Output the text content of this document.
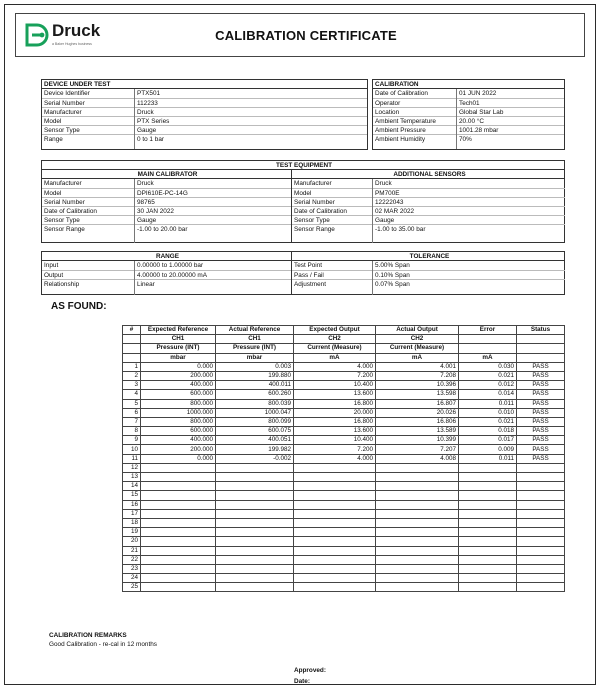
Druck
a Baker Hughes business
CALIBRATION CERTIFICATE
DEVICE UNDER TEST
Device Identifier	PTX501
Serial Number	112233
Manufacturer	Druck
Model	PTX Series
Sensor Type	Gauge
Range	0 to 1 bar
CALIBRATION
Date of Calibration	01 JUN 2022
Operator	Tech01
Location	Global Star Lab
Ambient Temperature	20.00 °C
Ambient Pressure	1001.28 mbar
Ambient Humidity	70%
TEST EQUIPMENT
MAIN CALIBRATOR
Manufacturer	Druck
Model	DPI610E-PC-14G
Serial Number	98765
Date of Calibration	30 JAN 2022
Sensor Type	Gauge
Sensor Range	-1.00 to 20.00 bar
ADDITIONAL SENSORS
Manufacturer	Druck
Model	PM700E
Serial Number	12222043
Date of Calibration	02 MAR 2022
Sensor Type	Gauge
Sensor Range	-1.00 to 35.00 bar
RANGE
Input	0.00000 to 1.00000 bar
Output	4.00000 to 20.00000 mA
Relationship	Linear
TOLERANCE
Test Point	5.00% Span
Pass / Fail	0.10% Span
Adjustment	0.07% Span
AS FOUND:
#	Expected Reference	Actual Reference	Expected Output	Actual Output	Error	Status
	CH1	CH1	CH2	CH2		
	Pressure (INT)	Pressure (INT)	Current (Measure)	Current (Measure)		
	mbar	mbar	mA	mA	mA	
1	0.000	0.003	4.000	4.001	0.030	PASS
2	200.000	199.880	7.200	7.208	0.021	PASS
3	400.000	400.011	10.400	10.396	0.012	PASS
4	600.000	600.260	13.600	13.598	0.014	PASS
5	800.000	800.039	16.800	16.807	0.011	PASS
6	1000.000	1000.047	20.000	20.026	0.010	PASS
7	800.000	800.099	16.800	16.806	0.021	PASS
8	600.000	600.075	13.600	13.589	0.018	PASS
9	400.000	400.051	10.400	10.399	0.017	PASS
10	200.000	199.982	7.200	7.207	0.009	PASS
11	0.000	-0.002	4.000	4.008	0.011	PASS
12						
13						
14						
15						
16						
17						
18						
19						
20						
21						
22						
23						
24						
25						
CALIBRATION REMARKS
Good Calibration - re-cal in 12 months
Approved:
Date:
